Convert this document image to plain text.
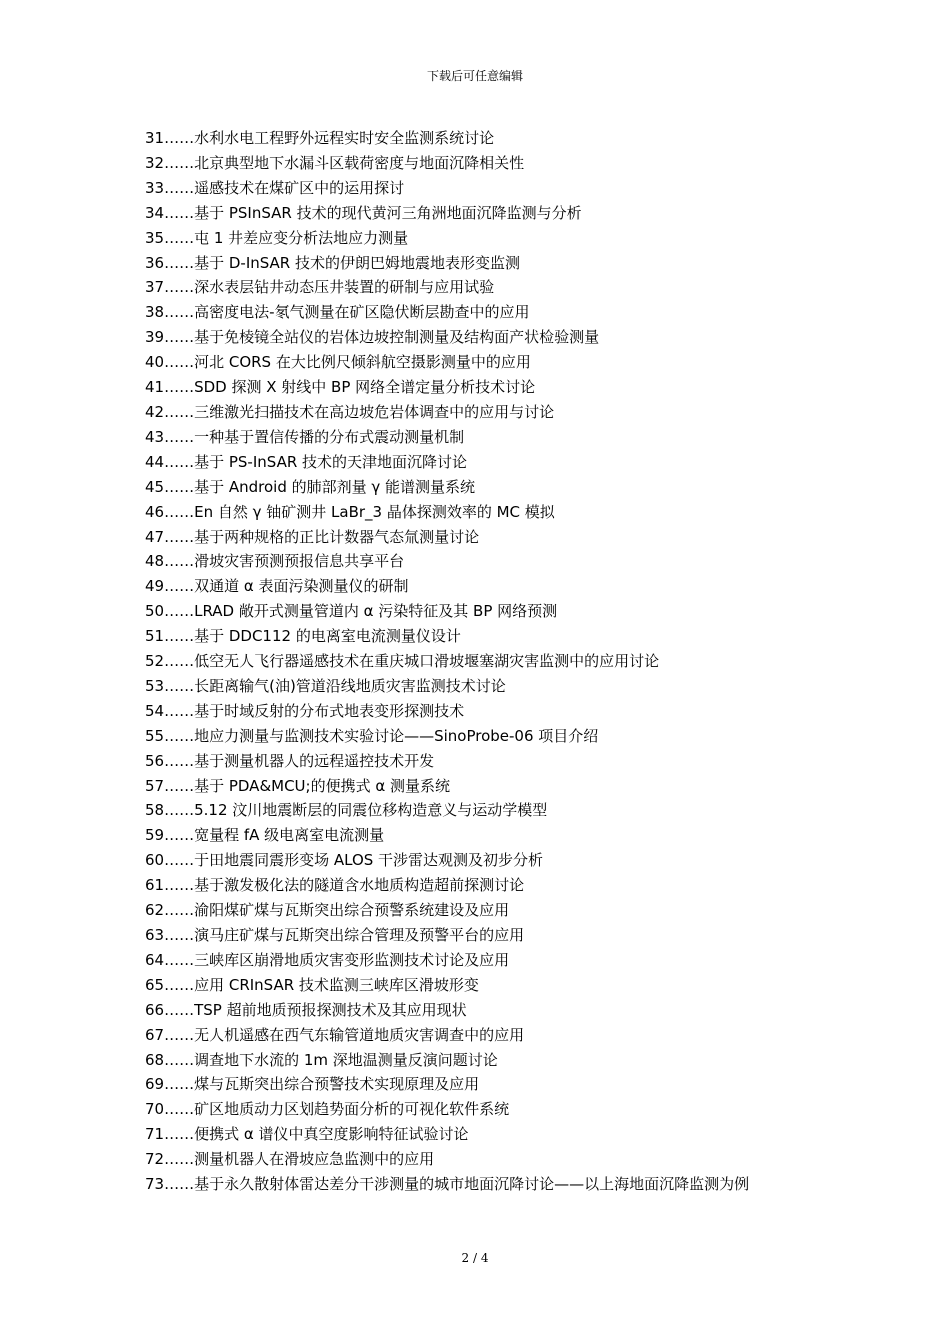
下载后可任意编辑
31……水利水电工程野外远程实时安全监测系统讨论
32……北京典型地下水漏斗区载荷密度与地面沉降相关性
33……遥感技术在煤矿区中的运用探讨
34……基于 PSInSAR 技术的现代黄河三角洲地面沉降监测与分析
35……屯 1 井差应变分析法地应力测量
36……基于 D-InSAR 技术的伊朗巴姆地震地表形变监测
37……深水表层钻井动态压井装置的研制与应用试验
38……高密度电法-氡气测量在矿区隐伏断层勘查中的应用
39……基于免棱镜全站仪的岩体边坡控制测量及结构面产状检验测量
40……河北 CORS 在大比例尺倾斜航空摄影测量中的应用
41……SDD 探测 X 射线中 BP 网络全谱定量分析技术讨论
42……三维激光扫描技术在高边坡危岩体调查中的应用与讨论
43……一种基于置信传播的分布式震动测量机制
44……基于 PS-InSAR 技术的天津地面沉降讨论
45……基于 Android 的肺部剂量 γ 能谱测量系统
46……En 自然 γ 铀矿测井 LaBr_3 晶体探测效率的 MC 模拟
47……基于两种规格的正比计数器气态氚测量讨论
48……滑坡灾害预测预报信息共享平台
49……双通道 α 表面污染测量仪的研制
50……LRAD 敞开式测量管道内 α 污染特征及其 BP 网络预测
51……基于 DDC112 的电离室电流测量仪设计
52……低空无人飞行器遥感技术在重庆城口滑坡堰塞湖灾害监测中的应用讨论
53……长距离输气(油)管道沿线地质灾害监测技术讨论
54……基于时域反射的分布式地表变形探测技术
55……地应力测量与监测技术实验讨论——SinoProbe-06 项目介绍
56……基于测量机器人的远程遥控技术开发
57……基于 PDA&MCU;的便携式 α 测量系统
58……5.12 汶川地震断层的同震位移构造意义与运动学模型
59……宽量程 fA 级电离室电流测量
60……于田地震同震形变场 ALOS 干涉雷达观测及初步分析
61……基于激发极化法的隧道含水地质构造超前探测讨论
62……渝阳煤矿煤与瓦斯突出综合预警系统建设及应用
63……演马庄矿煤与瓦斯突出综合管理及预警平台的应用
64……三峡库区崩滑地质灾害变形监测技术讨论及应用
65……应用 CRInSAR 技术监测三峡库区滑坡形变
66……TSP 超前地质预报探测技术及其应用现状
67……无人机遥感在西气东输管道地质灾害调查中的应用
68……调查地下水流的 1m 深地温测量反演问题讨论
69……煤与瓦斯突出综合预警技术实现原理及应用
70……矿区地质动力区划趋势面分析的可视化软件系统
71……便携式 α 谱仪中真空度影响特征试验讨论
72……测量机器人在滑坡应急监测中的应用
73……基于永久散射体雷达差分干涉测量的城市地面沉降讨论——以上海地面沉降监测为例
2 / 4
